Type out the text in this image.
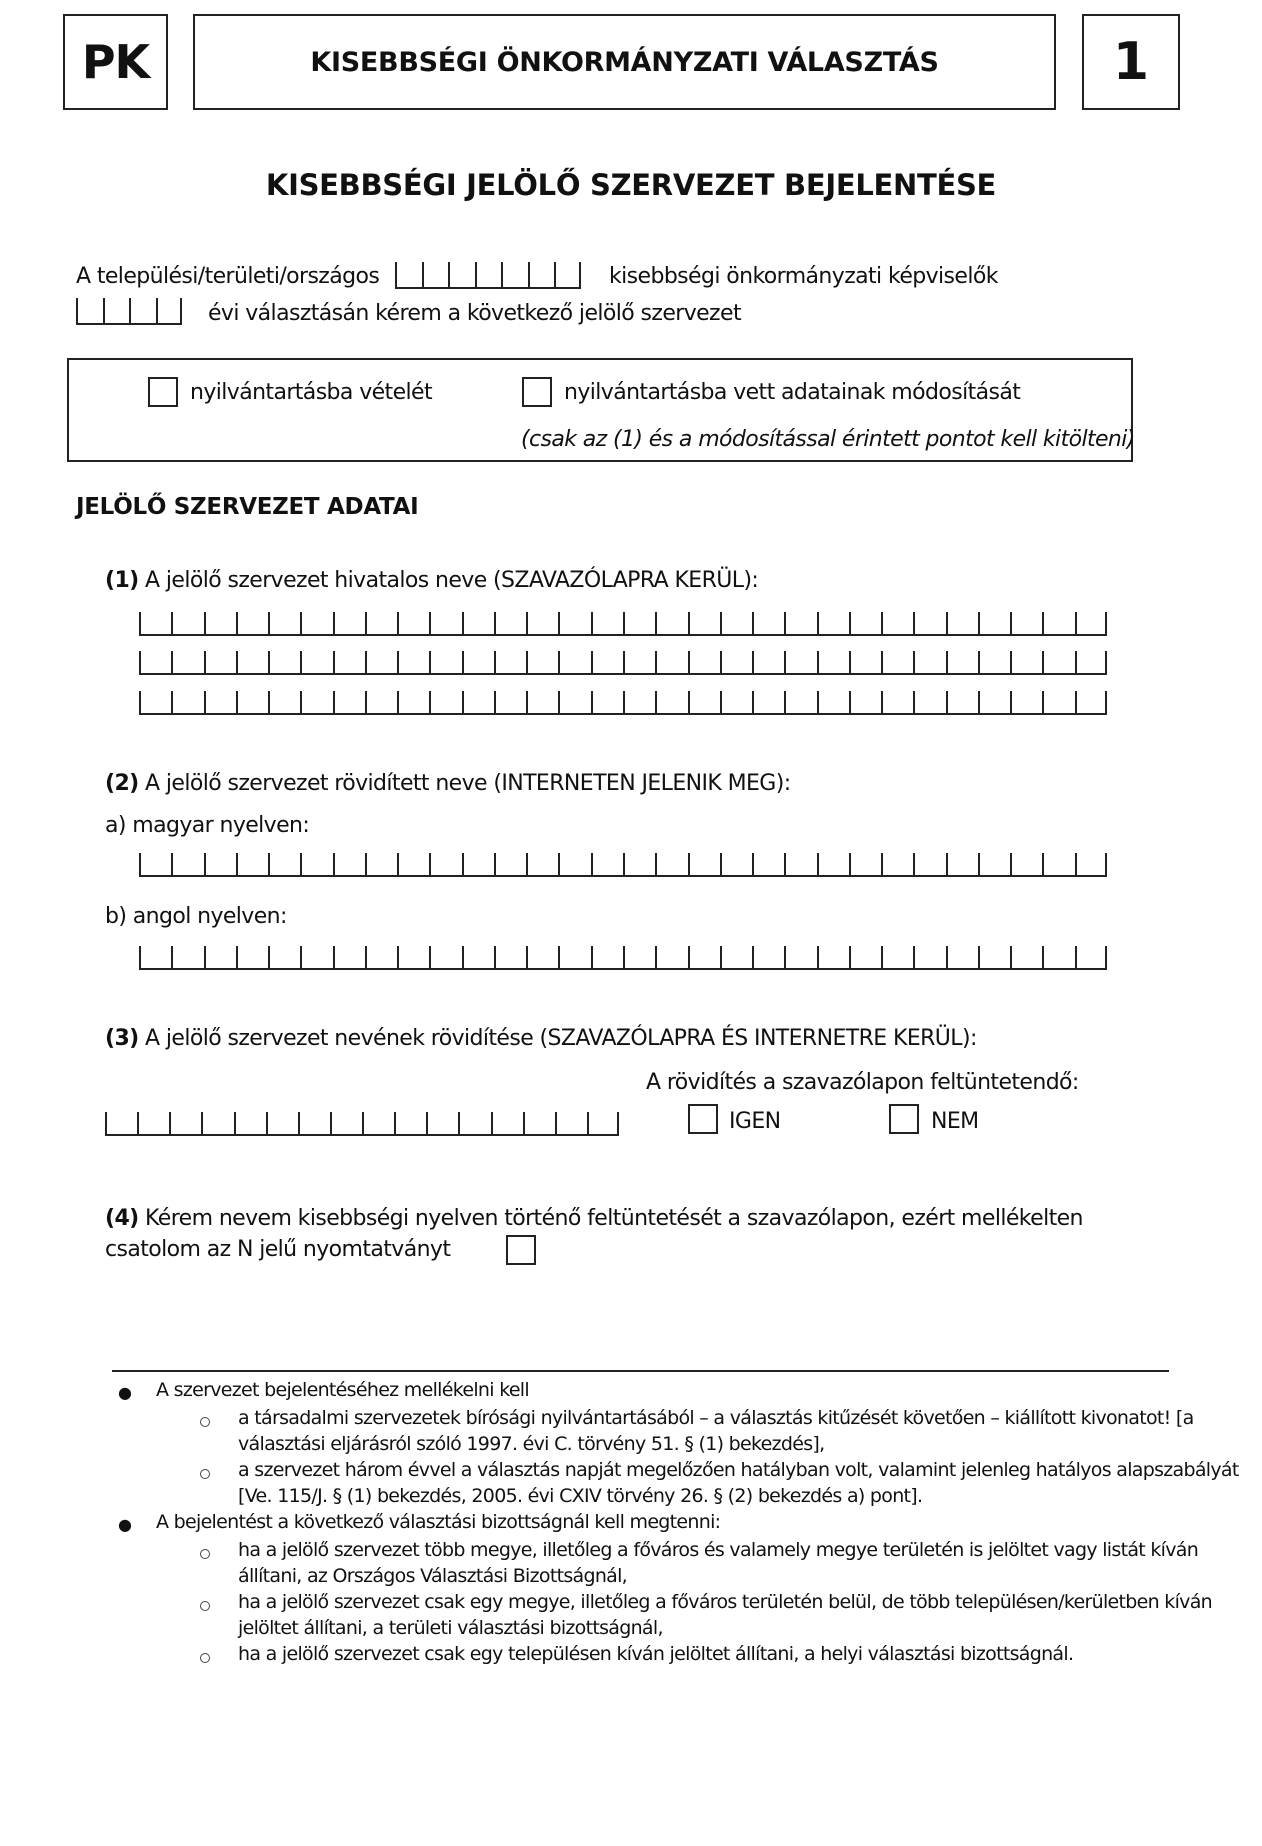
PK	KISEBBSÉGI ÖNKORMÁNYZATI VÁLASZTÁS	1
KISEBBSÉGI JELÖLŐ SZERVEZET BEJELENTÉSE
A települési/területi/országos	kisebbségi önkormányzati képviselők
évi választásán kérem a következő jelölő szervezet
nyilvántartásba vételét	nyilvántartásba vett adatainak módosítását
(csak az (1) és a módosítással érintett pontot kell kitölteni)
JELÖLŐ SZERVEZET ADATAI
(1) A jelölő szervezet hivatalos neve (SZAVAZÓLAPRA KERÜL):
(2) A jelölő szervezet rövidített neve (INTERNETEN JELENIK MEG):
a) magyar nyelven:
b) angol nyelven:
(3) A jelölő szervezet nevének rövidítése (SZAVAZÓLAPRA ÉS INTERNETRE KERÜL):
A rövidítés a szavazólapon feltüntetendő:
IGEN	NEM
(4) Kérem nevem kisebbségi nyelven történő feltüntetését a szavazólapon, ezért mellékelten
csatolom az N jelű nyomtatványt
● A szervezet bejelentéséhez mellékelni kell
a társadalmi szervezetek bírósági nyilvántartásából – a választás kitűzését követően – kiállított kivonatot! [a
választási eljárásról szóló 1997. évi C. törvény 51. § (1) bekezdés],
a szervezet három évvel a választás napját megelőzően hatályban volt, valamint jelenleg hatályos alapszabályát
[Ve. 115/J. § (1) bekezdés, 2005. évi CXIV törvény 26. § (2) bekezdés a) pont].
● A bejelentést a következő választási bizottságnál kell megtenni:
ha a jelölő szervezet több megye, illetőleg a főváros és valamely megye területén is jelöltet vagy listát kíván
állítani, az Országos Választási Bizottságnál,
ha a jelölő szervezet csak egy megye, illetőleg a főváros területén belül, de több településen/kerületben kíván
jelöltet állítani, a területi választási bizottságnál,
ha a jelölő szervezet csak egy településen kíván jelöltet állítani, a helyi választási bizottságnál.
